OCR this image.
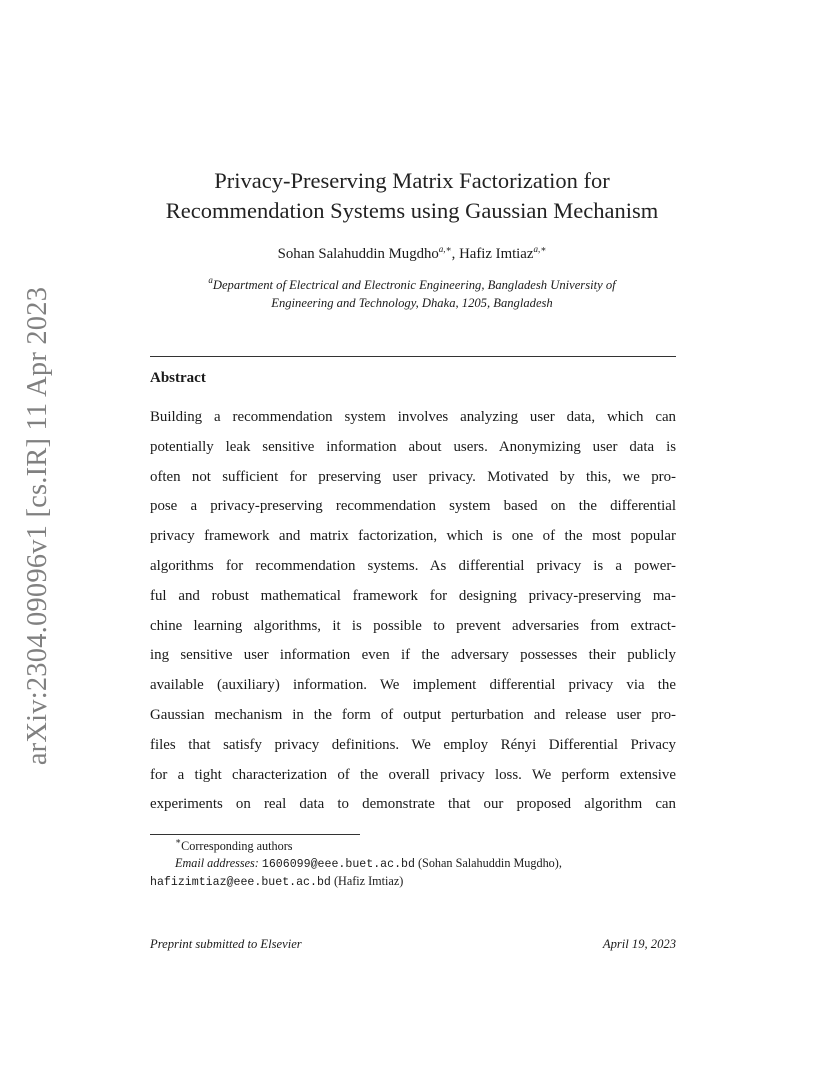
arXiv:2304.09096v1 [cs.IR] 11 Apr 2023
Privacy-Preserving Matrix Factorization for
Recommendation Systems using Gaussian Mechanism
Sohan Salahuddin Mugdho$^{a,∗}$, Hafiz Imtiaz$^{a,∗}$
$^a$Department of Electrical and Electronic Engineering, Bangladesh University of
Engineering and Technology, Dhaka, 1205, Bangladesh
Abstract
Building a recommendation system involves analyzing user data, which can
potentially leak sensitive information about users. Anonymizing user data is
often not sufficient for preserving user privacy. Motivated by this, we pro-
pose a privacy-preserving recommendation system based on the differential
privacy framework and matrix factorization, which is one of the most popular
algorithms for recommendation systems. As differential privacy is a power-
ful and robust mathematical framework for designing privacy-preserving ma-
chine learning algorithms, it is possible to prevent adversaries from extract-
ing sensitive user information even if the adversary possesses their publicly
available (auxiliary) information. We implement differential privacy via the
Gaussian mechanism in the form of output perturbation and release user pro-
files that satisfy privacy definitions. We employ Rényi Differential Privacy
for a tight characterization of the overall privacy loss. We perform extensive
experiments on real data to demonstrate that our proposed algorithm can
∗Corresponding authors
Email addresses: 1606099@eee.buet.ac.bd (Sohan Salahuddin Mugdho),
hafizimtiaz@eee.buet.ac.bd (Hafiz Imtiaz)
Preprint submitted to Elsevier	April 19, 2023
